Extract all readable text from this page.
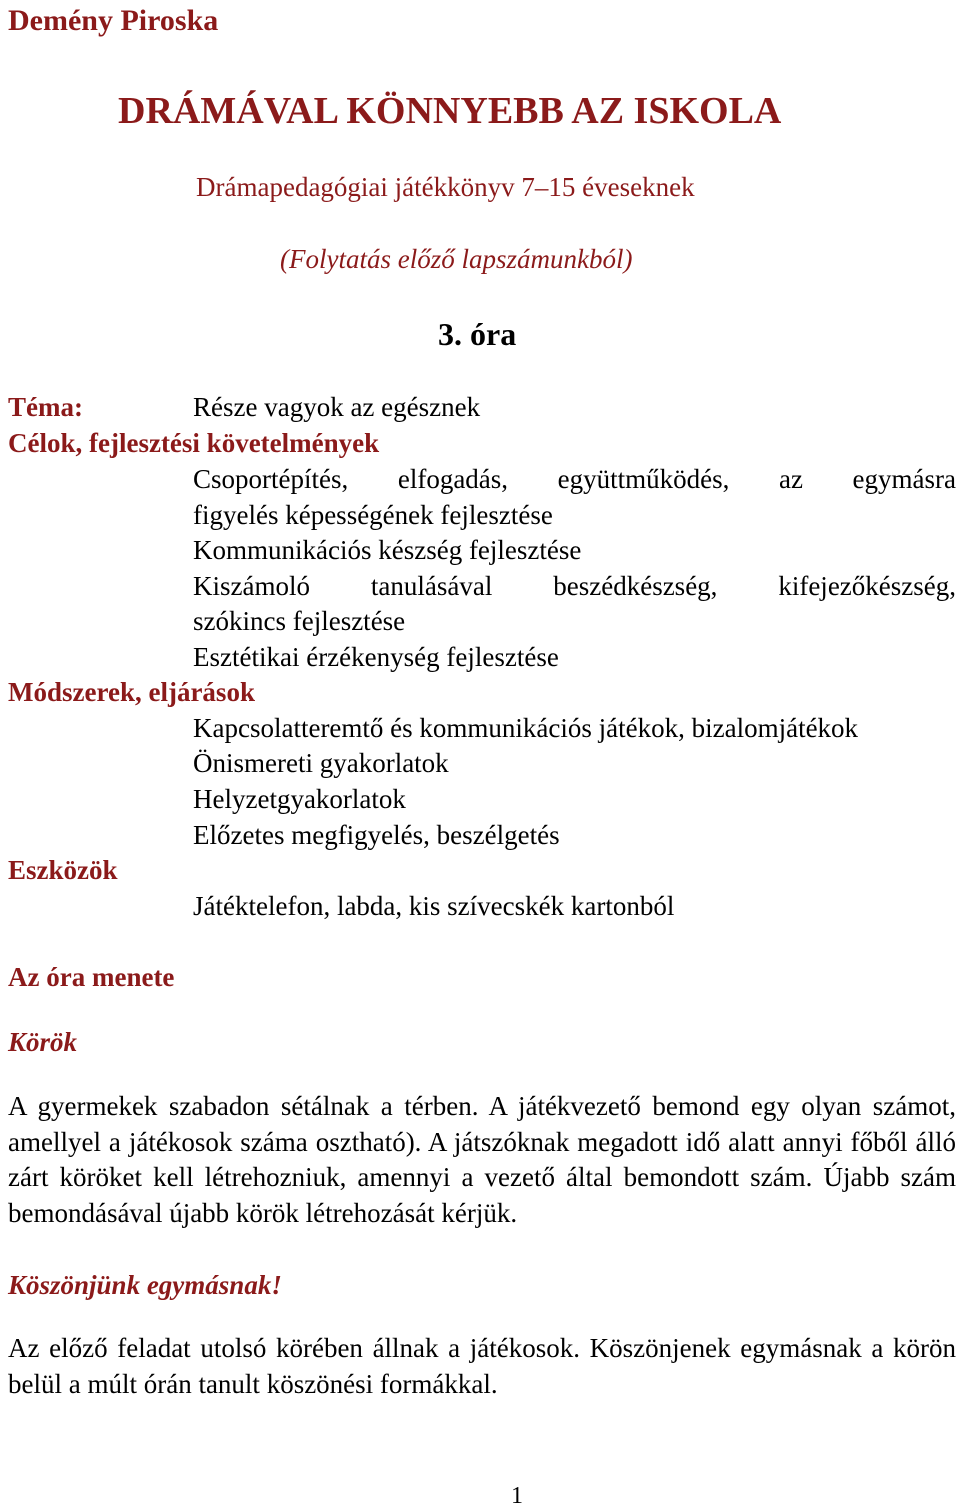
Demény Piroska
DRÁMÁVAL KÖNNYEBB AZ ISKOLA
Drámapedagógiai játékkönyv 7–15 éveseknek
(Folytatás előző lapszámunkból)
3. óra
Téma:	Része vagyok az egésznek
Célok, fejlesztési követelmények
Csoportépítés, elfogadás, együttműködés, az egymásra
figyelés képességének fejlesztése
Kommunikációs készség fejlesztése
Kiszámoló tanulásával beszédkészség, kifejezőkészség,
szókincs fejlesztése
Esztétikai érzékenység fejlesztése
Módszerek, eljárások
Kapcsolatteremtő és kommunikációs játékok, bizalomjátékok
Önismereti gyakorlatok
Helyzetgyakorlatok
Előzetes megfigyelés, beszélgetés
Eszközök
Játéktelefon, labda, kis szívecskék kartonból
Az óra menete
Körök
A gyermekek szabadon sétálnak a térben. A játékvezető bemond egy olyan számot, amellyel a játékosok száma osztható). A játszóknak megadott idő alatt annyi főből álló zárt köröket kell létrehozniuk, amennyi a vezető által bemondott szám. Újabb szám bemondásával újabb körök létrehozását kérjük.
Köszönjünk egymásnak!
Az előző feladat utolsó körében állnak a játékosok. Köszönjenek egymásnak a körön belül a múlt órán tanult köszönési formákkal.
1
